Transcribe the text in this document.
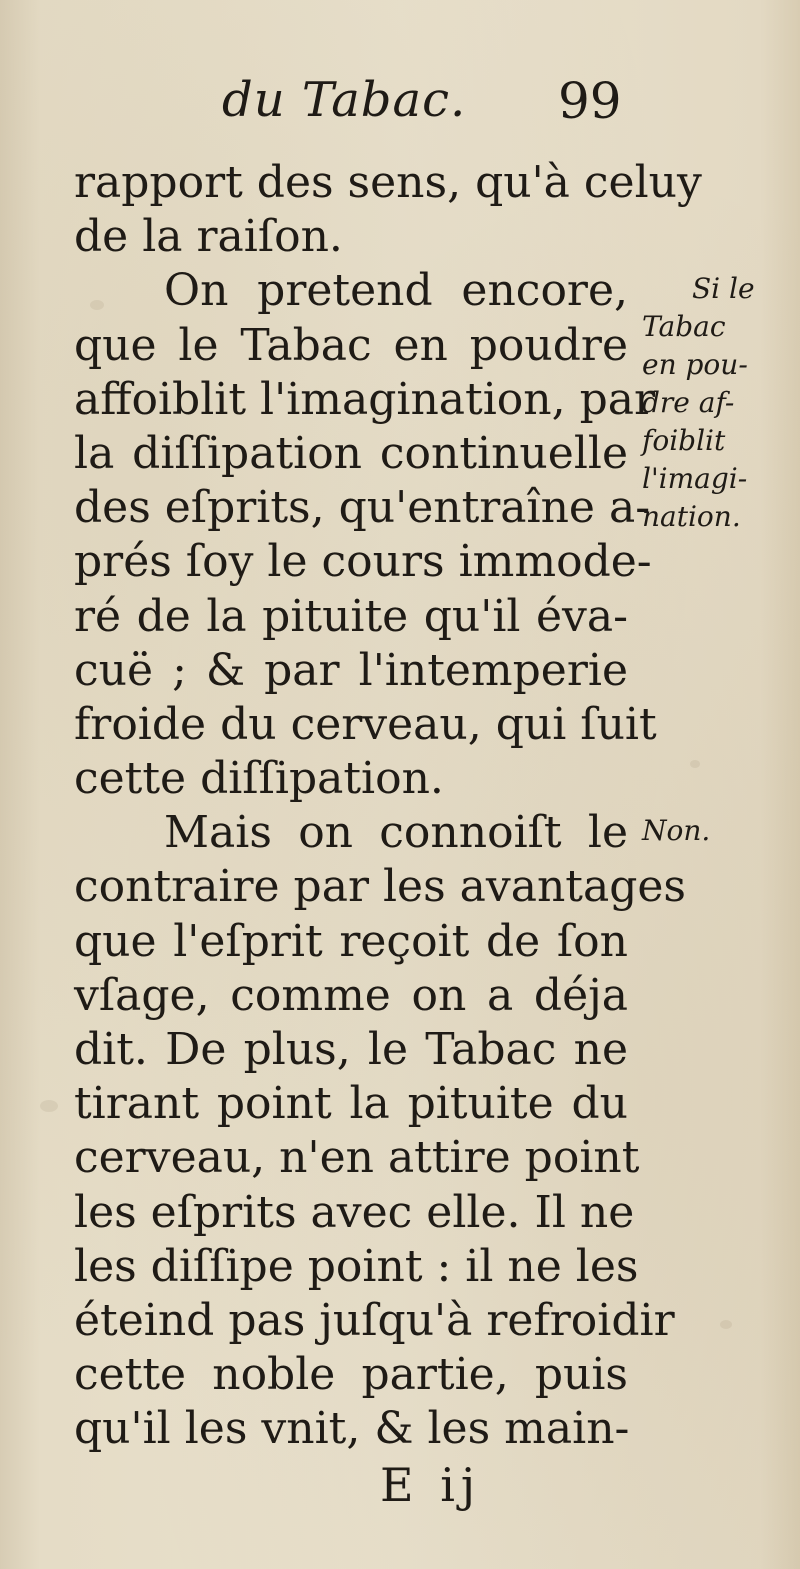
du Tabac. 99
rapport des sens, qu'à celuy
de la raiſon.
On pretend encore,
que le Tabac en poudre
affoiblit l'imagination, par
la diſſipation continuelle
des eſprits, qu'entraîne a-
prés ſoy le cours immode-
ré de la pituite qu'il éva-
cuë ; & par l'intemperie
froide du cerveau, qui ſuit
cette diſſipation.
Mais on connoiſt le
contraire par les avantages
que l'eſprit reçoit de ſon
vſage, comme on a déja
dit. De plus, le Tabac ne
tirant point la pituite du
cerveau, n'en attire point
les eſprits avec elle. Il ne
les diſſipe point : il ne les
éteind pas juſqu'à refroidir
cette noble partie, puis
qu'il les vnit, & les main-
Si le
Tabac
en pou-
dre af-
foiblit
l'imagi-
nation.
Non.
E ij
